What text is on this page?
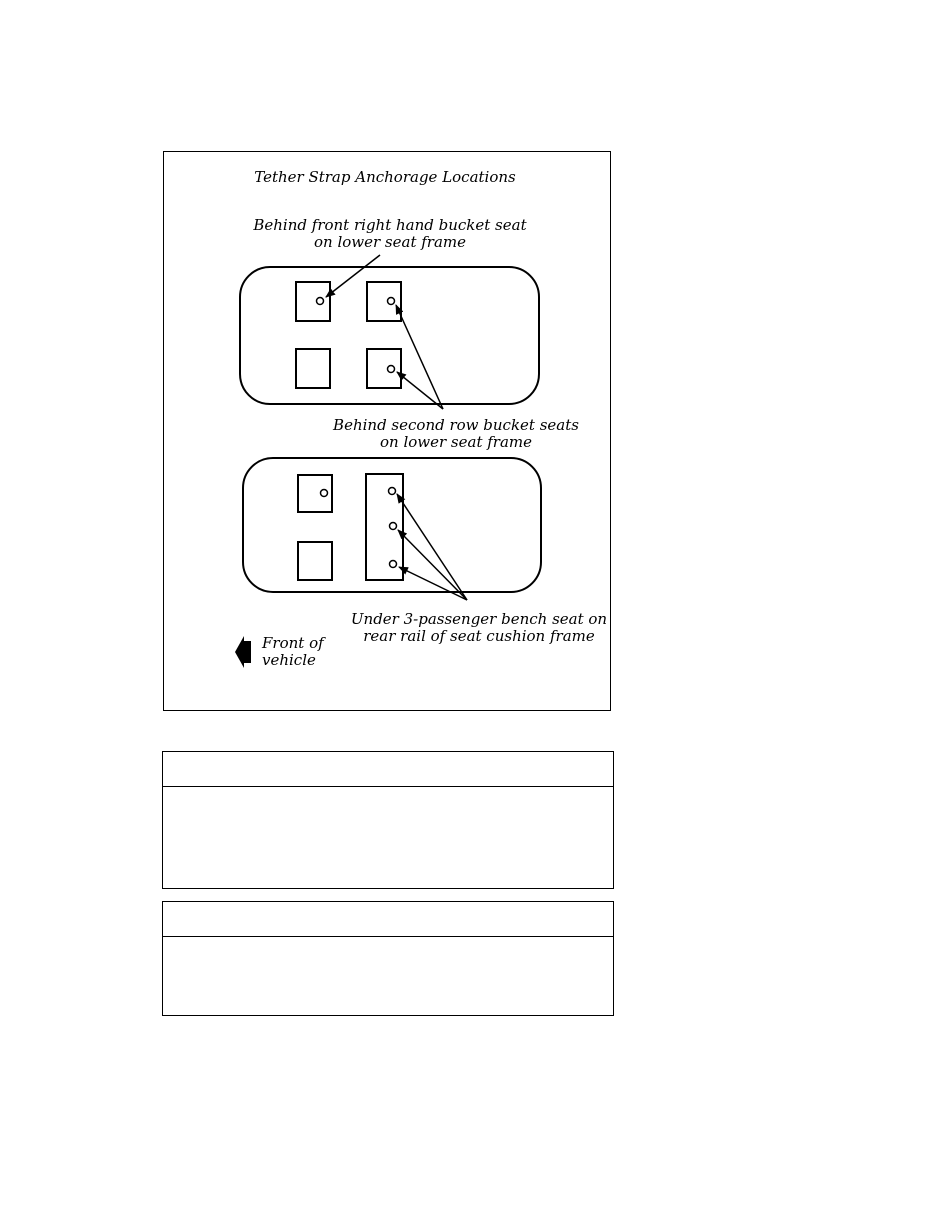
Tether Strap Anchorage Locations
Behind front right hand bucket seat
on lower seat frame
Behind second row bucket seats
on lower seat frame
Under 3-passenger bench seat on
rear rail of seat cushion frame
Front of
vehicle
